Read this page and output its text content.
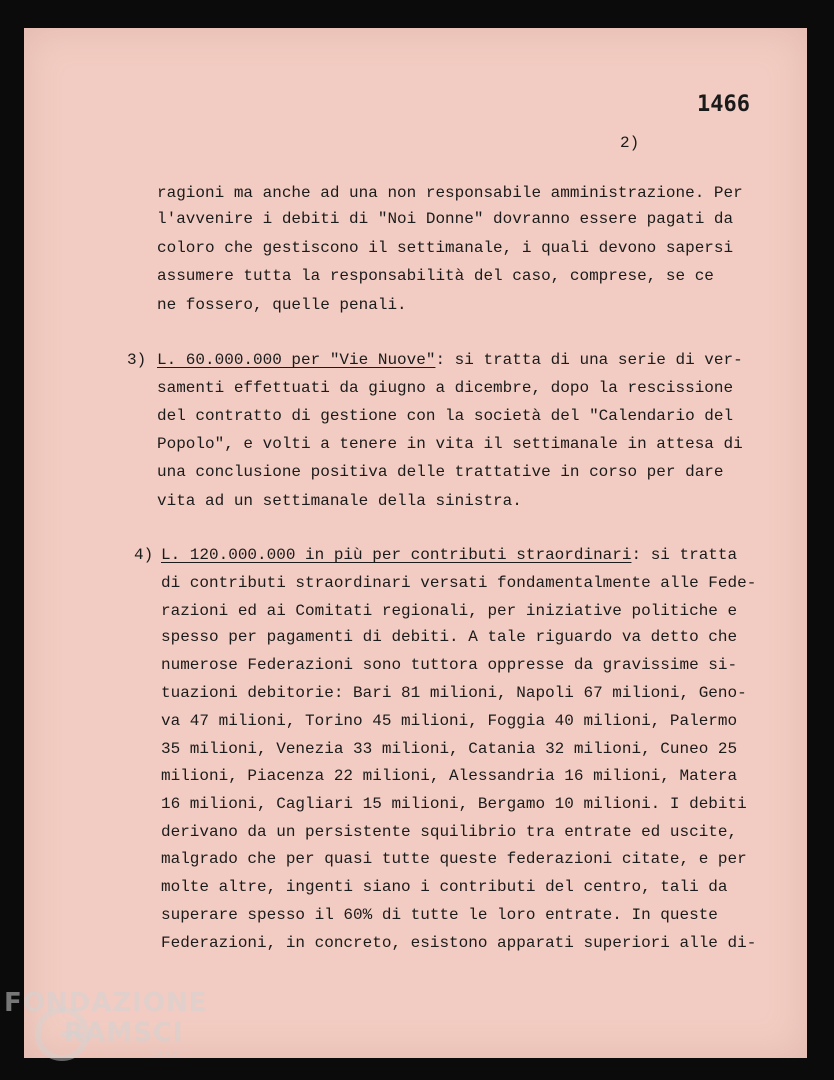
1466
2)
ragioni ma anche ad una non responsabile amministrazione. Per
l'avvenire i debiti di "Noi Donne" dovranno essere pagati da
coloro che gestiscono il settimanale, i quali devono sapersi
assumere tutta la responsabilità del caso, comprese, se ce
ne fossero, quelle penali.
3) L. 60.000.000 per "Vie Nuove": si tratta di una serie di ver-
samenti effettuati da giugno a dicembre, dopo la rescissione
del contratto di gestione con la società del "Calendario del
Popolo", e volti a tenere in vita il settimanale in attesa di
una conclusione positiva delle trattative in corso per dare
vita ad un settimanale della sinistra.
4) L. 120.000.000 in più per contributi straordinari: si tratta
di contributi straordinari versati fondamentalmente alle Fede-
razioni ed ai Comitati regionali, per iniziative politiche e
spesso per pagamenti di debiti. A tale riguardo va detto che
numerose Federazioni sono tuttora oppresse da gravissime si-
tuazioni debitorie: Bari 81 milioni, Napoli 67 milioni, Geno-
va 47 milioni, Torino 45 milioni, Foggia 40 milioni, Palermo
35 milioni, Venezia 33 milioni, Catania 32 milioni, Cuneo 25
milioni, Piacenza 22 milioni, Alessandria 16 milioni, Matera
16 milioni, Cagliari 15 milioni, Bergamo 10 milioni. I debiti
derivano da un persistente squilibrio tra entrate ed uscite,
malgrado che per quasi tutte queste federazioni citate, e per
molte altre, ingenti siano i contributi del centro, tali da
superare spesso il 60% di tutte le loro entrate. In queste
Federazioni, in concreto, esistono apparati superiori alle di-
FONDAZIONE
RAMSCI
Onlus
